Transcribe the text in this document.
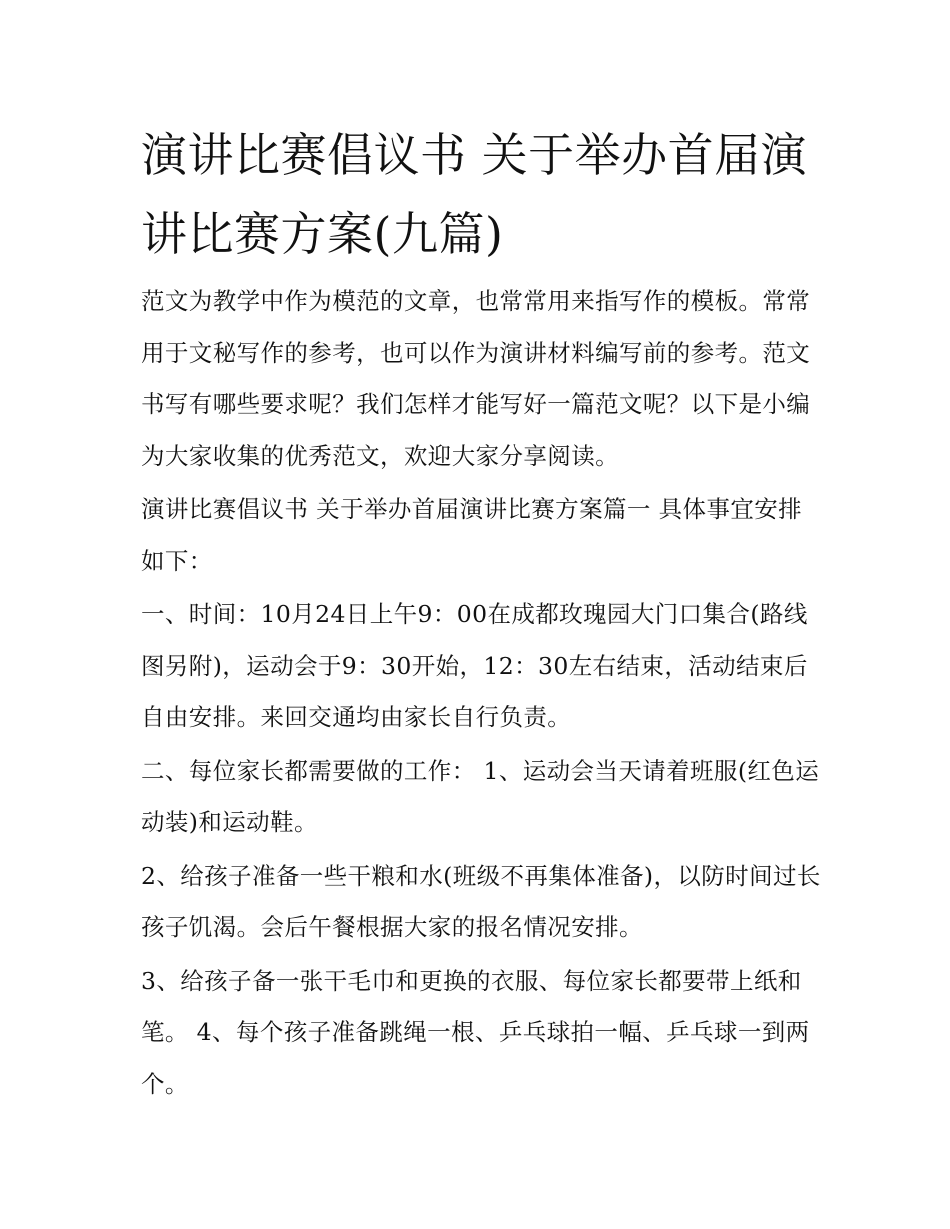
演讲比赛倡议书 关于举办首届演讲比赛方案(九篇)

范文为教学中作为模范的文章，也常常用来指写作的模板。常常用于文秘写作的参考，也可以作为演讲材料编写前的参考。范文书写有哪些要求呢？我们怎样才能写好一篇范文呢？以下是小编为大家收集的优秀范文，欢迎大家分享阅读。

演讲比赛倡议书 关于举办首届演讲比赛方案篇一 具体事宜安排如下：

一、时间：10月24日上午9：00在成都玫瑰园大门口集合(路线图另附)，运动会于9：30开始，12：30左右结束，活动结束后自由安排。来回交通均由家长自行负责。

二、每位家长都需要做的工作： 1、运动会当天请着班服(红色运动装)和运动鞋。

2、给孩子准备一些干粮和水(班级不再集体准备)，以防时间过长孩子饥渴。会后午餐根据大家的报名情况安排。

3、给孩子备一张干毛巾和更换的衣服、每位家长都要带上纸和笔。 4、每个孩子准备跳绳一根、乒乓球拍一幅、乒乓球一到两个。
